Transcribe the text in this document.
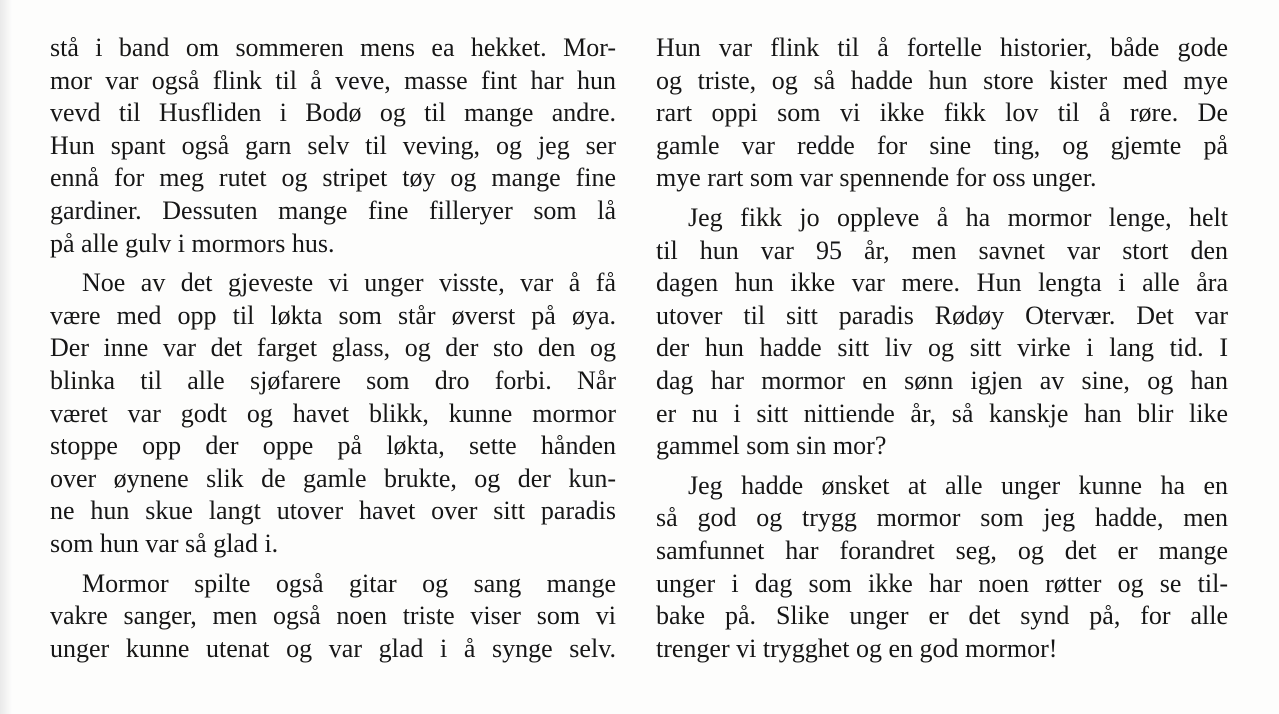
stå i band om sommeren mens ea hekket. Mor-
mor var også flink til å veve, masse fint har hun
vevd til Husfliden i Bodø og til mange andre.
Hun spant også garn selv til veving, og jeg ser
ennå for meg rutet og stripet tøy og mange fine
gardiner. Dessuten mange fine filleryer som lå
på alle gulv i mormors hus.
Noe av det gjeveste vi unger visste, var å få
være med opp til løkta som står øverst på øya.
Der inne var det farget glass, og der sto den og
blinka til alle sjøfarere som dro forbi. Når
været var godt og havet blikk, kunne mormor
stoppe opp der oppe på løkta, sette hånden
over øynene slik de gamle brukte, og der kun-
ne hun skue langt utover havet over sitt paradis
som hun var så glad i.
Mormor spilte også gitar og sang mange
vakre sanger, men også noen triste viser som vi
unger kunne utenat og var glad i å synge selv.
Hun var flink til å fortelle historier, både gode
og triste, og så hadde hun store kister med mye
rart oppi som vi ikke fikk lov til å røre. De
gamle var redde for sine ting, og gjemte på
mye rart som var spennende for oss unger.
Jeg fikk jo oppleve å ha mormor lenge, helt
til hun var 95 år, men savnet var stort den
dagen hun ikke var mere. Hun lengta i alle åra
utover til sitt paradis Rødøy Otervær. Det var
der hun hadde sitt liv og sitt virke i lang tid. I
dag har mormor en sønn igjen av sine, og han
er nu i sitt nittiende år, så kanskje han blir like
gammel som sin mor?
Jeg hadde ønsket at alle unger kunne ha en
så god og trygg mormor som jeg hadde, men
samfunnet har forandret seg, og det er mange
unger i dag som ikke har noen røtter og se til-
bake på. Slike unger er det synd på, for alle
trenger vi trygghet og en god mormor!
